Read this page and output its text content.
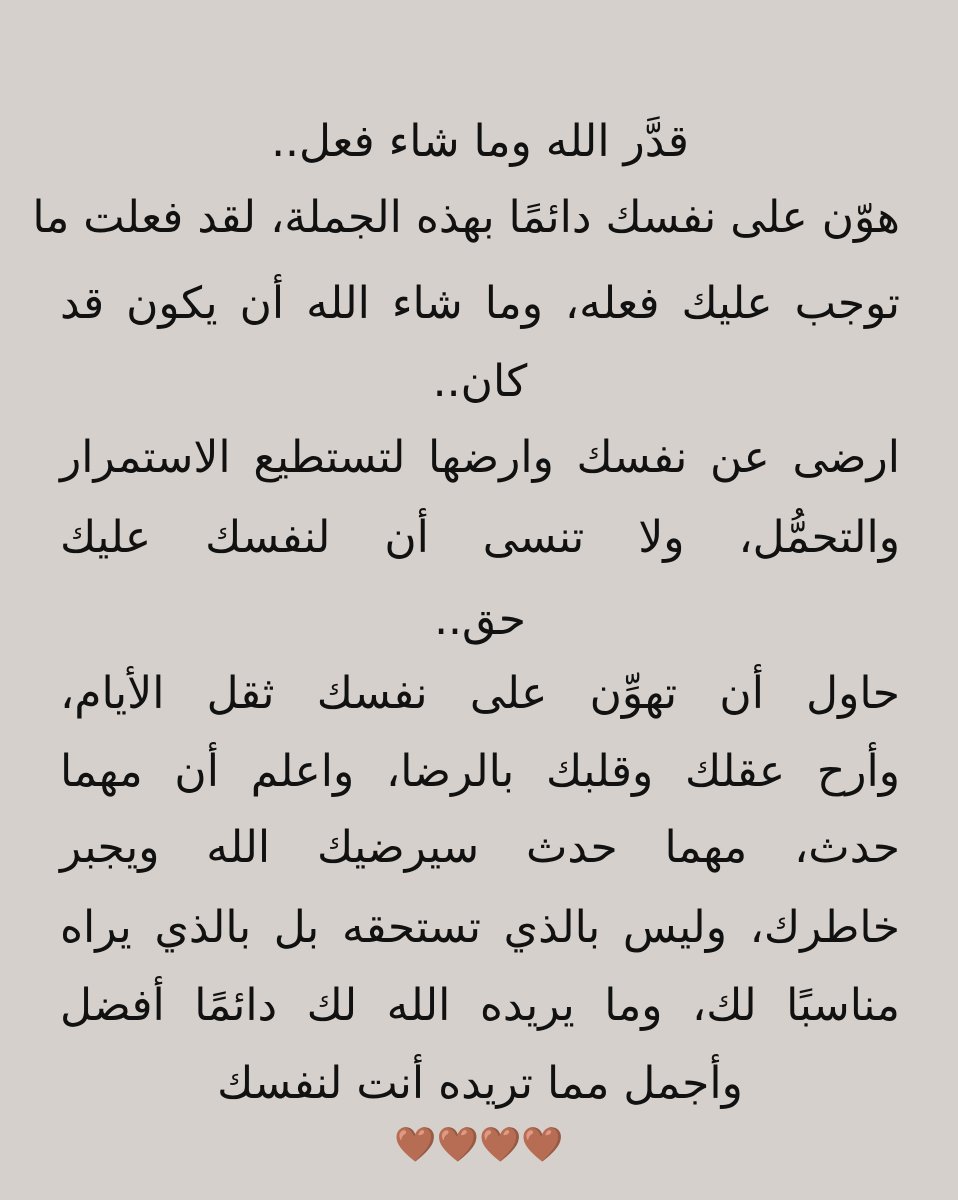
قدَّر الله وما شاء فعل..
هوّن على نفسك دائمًا بهذه الجملة، لقد فعلت ما
توجب عليك فعله، وما شاء الله أن يكون قد
كان..
ارضى عن نفسك وارضها لتستطيع الاستمرار
والتحمُّل، ولا تنسى أن لنفسك عليك
حق..
حاول أن تهوِّن على نفسك ثقل الأيام،
وأرح عقلك وقلبك بالرضا، واعلم أن مهما
حدث، مهما حدث سيرضيك الله ويجبر
خاطرك، وليس بالذي تستحقه بل بالذي يراه
مناسبًا لك، وما يريده الله لك دائمًا أفضل
وأجمل مما تريده أنت لنفسك
🤎🤎🤎🤎
